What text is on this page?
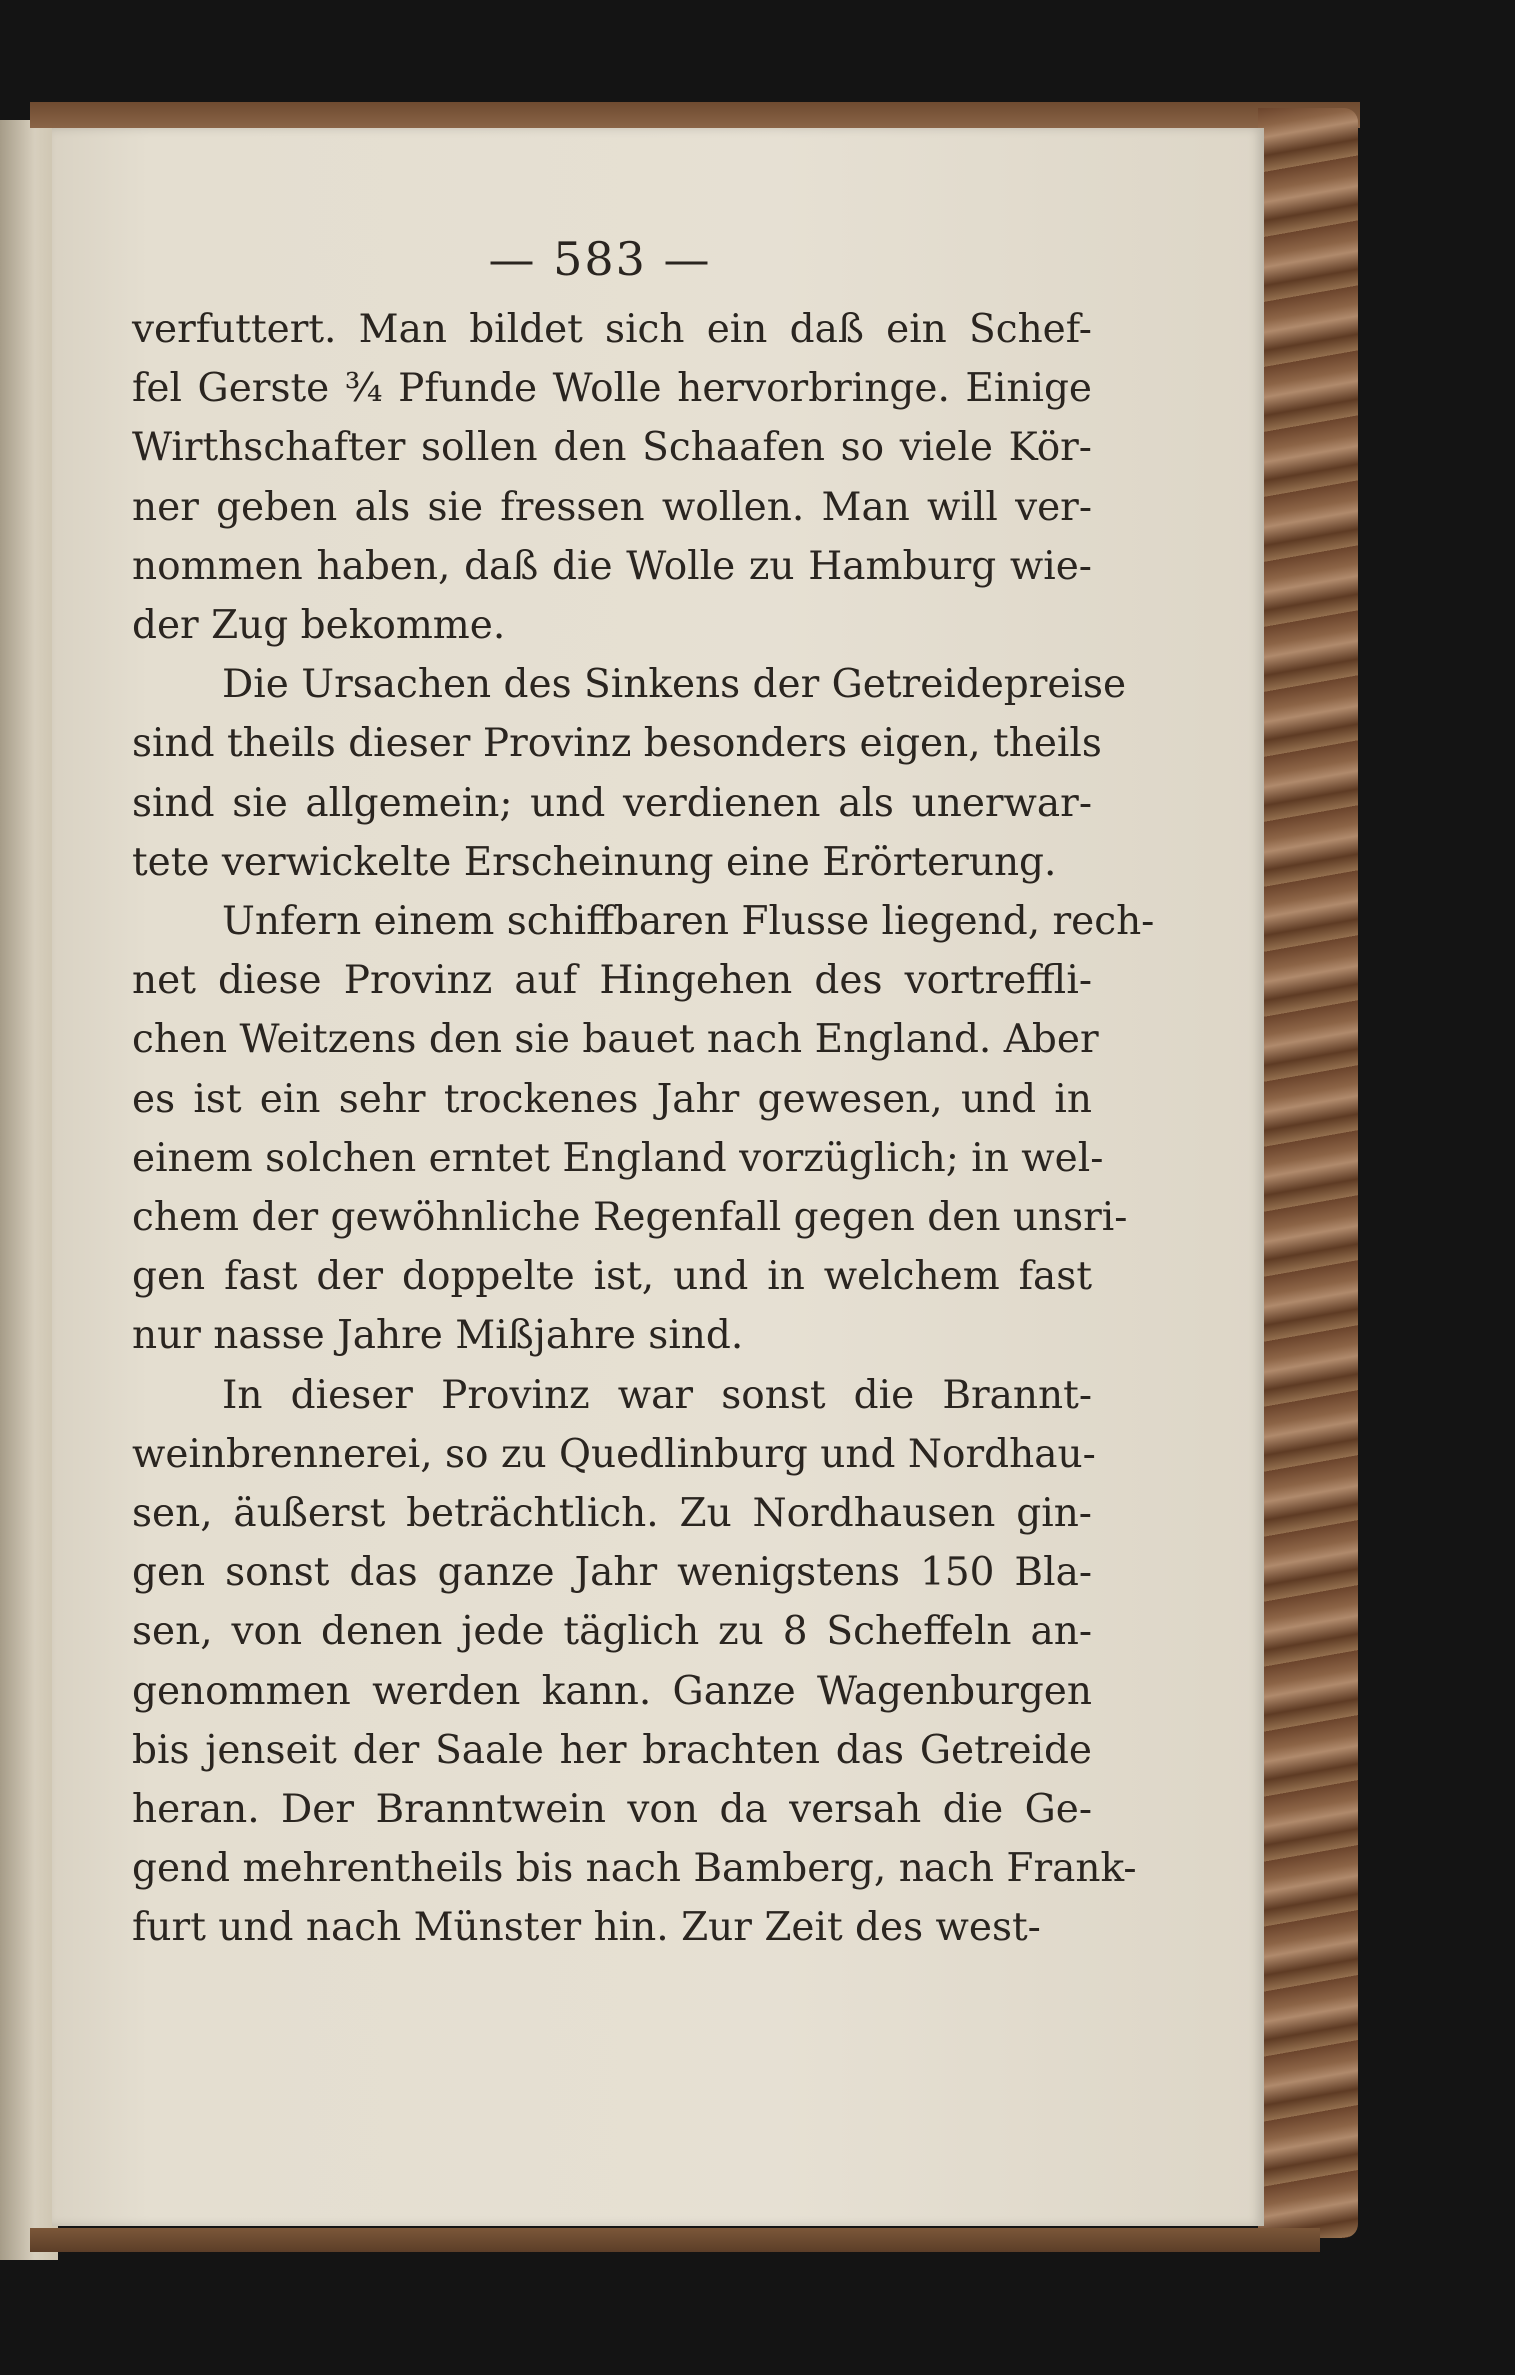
— 583 —
verfuttert. Man bildet sich ein daß ein Schef-
fel Gerste ¾ Pfunde Wolle hervorbringe. Einige
Wirthschafter sollen den Schaafen so viele Kör-
ner geben als sie fressen wollen. Man will ver-
nommen haben, daß die Wolle zu Hamburg wie-
der Zug bekomme.
Die Ursachen des Sinkens der Getreidepreise
sind theils dieser Provinz besonders eigen, theils
sind sie allgemein; und verdienen als unerwar-
tete verwickelte Erscheinung eine Erörterung.
Unfern einem schiffbaren Flusse liegend, rech-
net diese Provinz auf Hingehen des vortreffli-
chen Weitzens den sie bauet nach England. Aber
es ist ein sehr trockenes Jahr gewesen, und in
einem solchen erntet England vorzüglich; in wel-
chem der gewöhnliche Regenfall gegen den unsri-
gen fast der doppelte ist, und in welchem fast
nur nasse Jahre Mißjahre sind.
In dieser Provinz war sonst die Brannt-
weinbrennerei, so zu Quedlinburg und Nordhau-
sen, äußerst beträchtlich. Zu Nordhausen gin-
gen sonst das ganze Jahr wenigstens 150 Bla-
sen, von denen jede täglich zu 8 Scheffeln an-
genommen werden kann. Ganze Wagenburgen
bis jenseit der Saale her brachten das Getreide
heran. Der Branntwein von da versah die Ge-
gend mehrentheils bis nach Bamberg, nach Frank-
furt und nach Münster hin. Zur Zeit des west-
